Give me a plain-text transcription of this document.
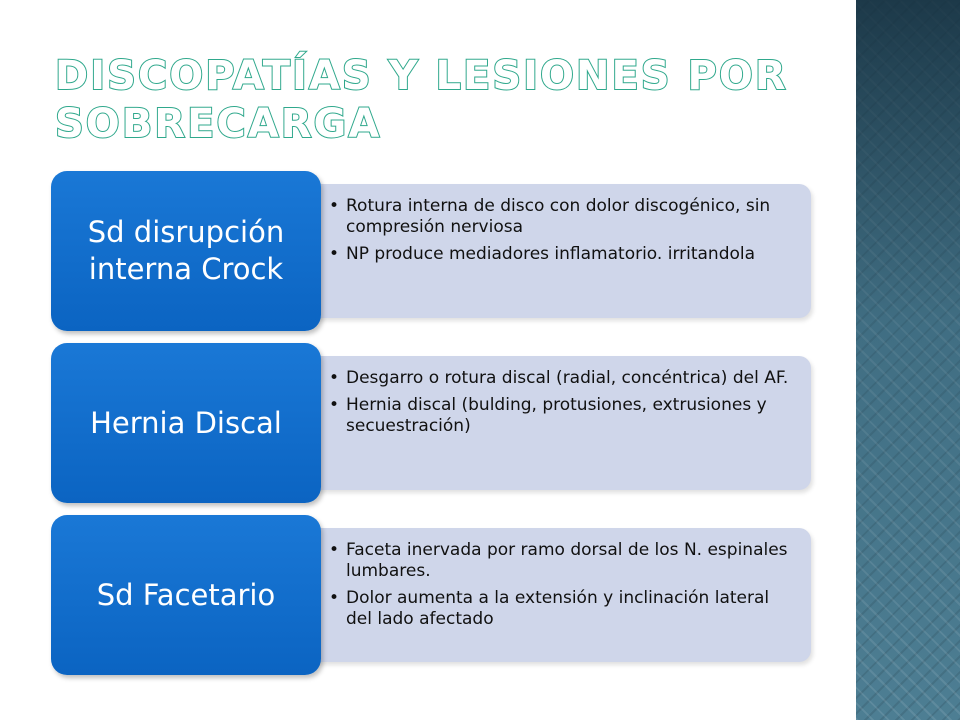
DISCOPATÍAS Y LESIONES POR SOBRECARGA
• Rotura interna de disco con dolor discogénico, sin compresión nerviosa
• NP produce mediadores inflamatorio. irritandola
Sd disrupción interna Crock
• Desgarro o rotura discal (radial, concéntrica) del AF.
• Hernia discal (bulding, protusiones, extrusiones y secuestración)
Hernia Discal
• Faceta inervada por ramo dorsal de los N. espinales lumbares.
• Dolor aumenta a la extensión y inclinación lateral del lado afectado
Sd Facetario
